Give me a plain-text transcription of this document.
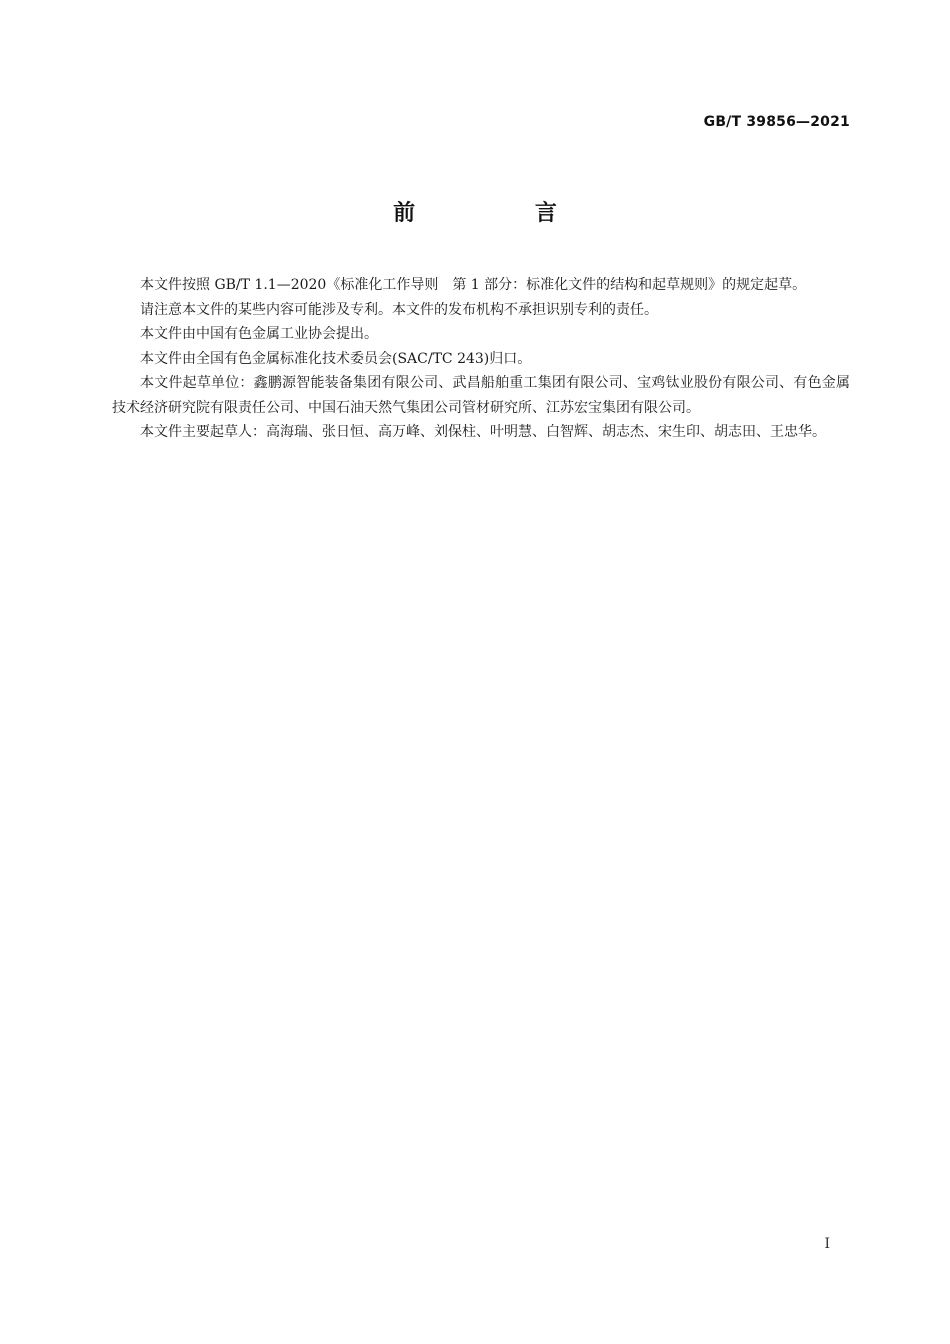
GB/T 39856—2021
前 言

本文件按照 GB/T 1.1—2020《标准化工作导则　第 1 部分：标准化文件的结构和起草规则》的规定起草。

请注意本文件的某些内容可能涉及专利。本文件的发布机构不承担识别专利的责任。

本文件由中国有色金属工业协会提出。

本文件由全国有色金属标准化技术委员会(SAC/TC 243)归口。

本文件起草单位：鑫鹏源智能装备集团有限公司、武昌船舶重工集团有限公司、宝鸡钛业股份有限公司、有色金属技术经济研究院有限责任公司、中国石油天然气集团公司管材研究所、江苏宏宝集团有限公司。

本文件主要起草人：高海瑞、张日恒、高万峰、刘保柱、叶明慧、白智辉、胡志杰、宋生印、胡志田、王忠华。

I
